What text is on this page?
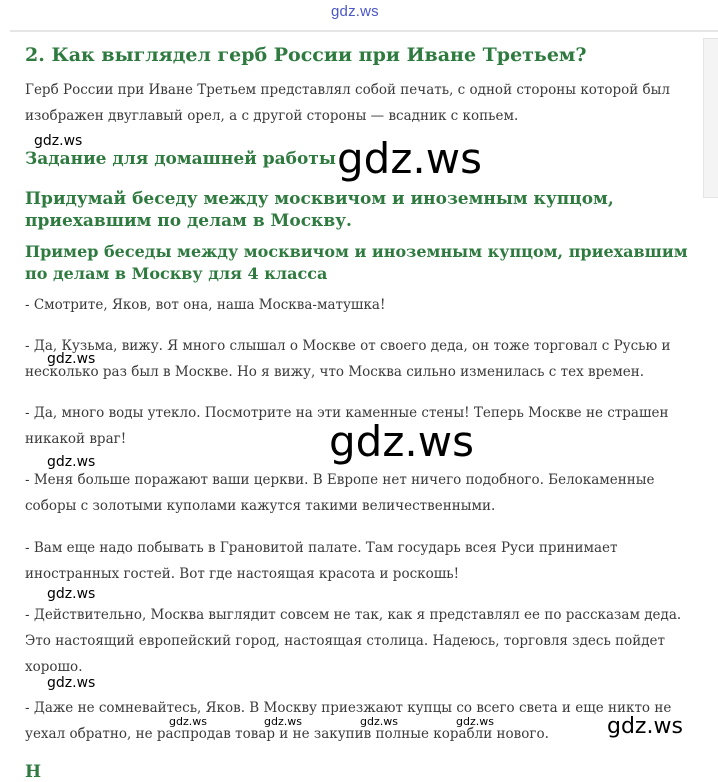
gdz.ws
2. Как выглядел герб России при Иване Третьем?

Герб России при Иване Третьем представлял собой печать, с одной стороны которой был

изображен двуглавый орел, а с другой стороны — всадник с копьем.

Задание для домашней работы
Придумай беседу между москвичом и иноземным купцом,
приехавшим по делам в Москву.
Пример беседы между москвичом и иноземным купцом, приехавшим
по делам в Москву для 4 класса

- Смотрите, Яков, вот она, наша Москва-матушка!

- Да, Кузьма, вижу. Я много слышал о Москве от своего деда, он тоже торговал с Русью и

несколько раз был в Москве. Но я вижу, что Москва сильно изменилась с тех времен.

- Да, много воды утекло. Посмотрите на эти каменные стены! Теперь Москве не страшен

никакой враг!

- Меня больше поражают ваши церкви. В Европе нет ничего подобного. Белокаменные

соборы с золотыми куполами кажутся такими величественными.

- Вам еще надо побывать в Грановитой палате. Там государь всея Руси принимает

иностранных гостей. Вот где настоящая красота и роскошь!

- Действительно, Москва выглядит совсем не так, как я представлял ее по рассказам деда.

Это настоящий европейский город, настоящая столица. Надеюсь, торговля здесь пойдет

хорошо.

- Даже не сомневайтесь, Яков. В Москву приезжают купцы со всего света и еще никто не

уехал обратно, не распродав товар и не закупив полные корабли нового.

Н
gdz.ws	gdz.ws
gdz.ws
gdz.ws
gdz.ws
gdz.ws
gdz.ws
gdz.ws	gdz.ws	gdz.ws	gdz.ws	gdz.ws
